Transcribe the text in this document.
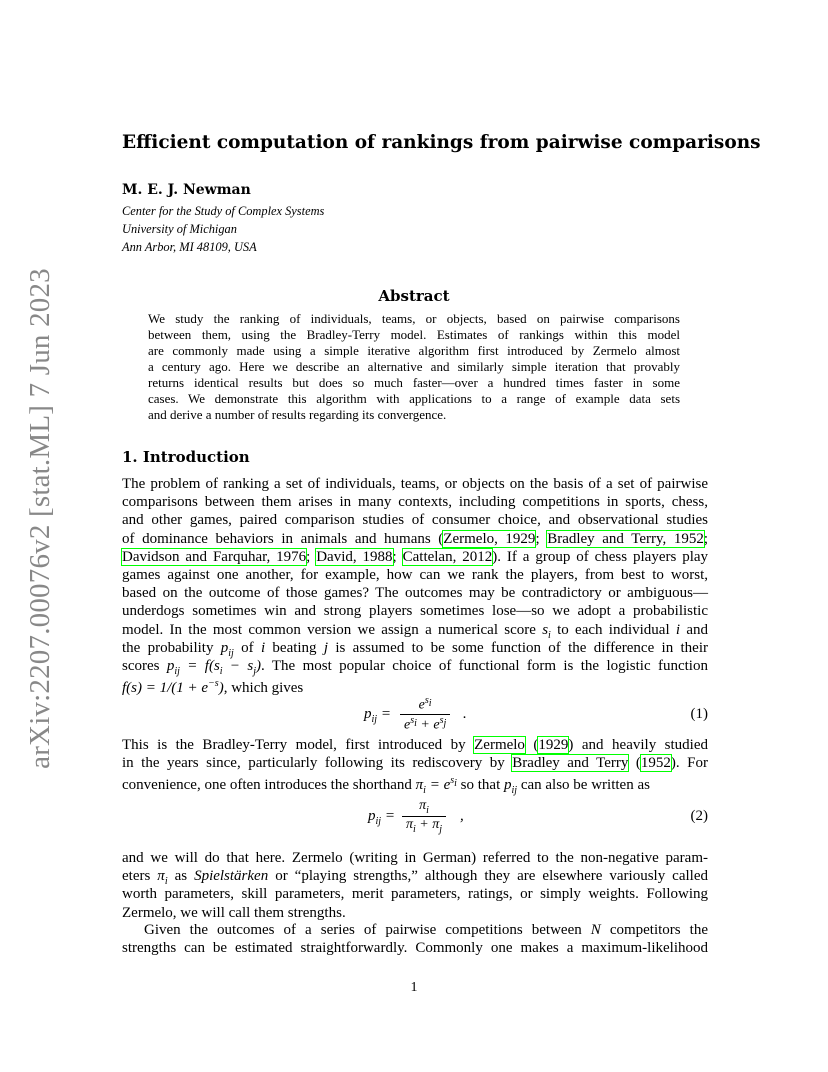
arXiv:2207.00076v2 [stat.ML] 7 Jun 2023
Efficient computation of rankings from pairwise comparisons
M. E. J. Newman
Center for the Study of Complex Systems
University of Michigan
Ann Arbor, MI 48109, USA
Abstract
We study the ranking of individuals, teams, or objects, based on pairwise comparisons
between them, using the Bradley-Terry model. Estimates of rankings within this model
are commonly made using a simple iterative algorithm first introduced by Zermelo almost
a century ago. Here we describe an alternative and similarly simple iteration that provably
returns identical results but does so much faster—over a hundred times faster in some
cases. We demonstrate this algorithm with applications to a range of example data sets
and derive a number of results regarding its convergence.
1. Introduction
The problem of ranking a set of individuals, teams, or objects on the basis of a set of pairwise
comparisons between them arises in many contexts, including competitions in sports, chess,
and other games, paired comparison studies of consumer choice, and observational studies
of dominance behaviors in animals and humans (Zermelo, 1929; Bradley and Terry, 1952;
Davidson and Farquhar, 1976; David, 1988; Cattelan, 2012). If a group of chess players play
games against one another, for example, how can we rank the players, from best to worst,
based on the outcome of those games? The outcomes may be contradictory or ambiguous—
underdogs sometimes win and strong players sometimes lose—so we adopt a probabilistic
model. In the most common version we assign a numerical score $s_i$ to each individual i and
the probability $p_{ij}$ of i beating j is assumed to be some function of the difference in their
scores $p_{ij} = f(s_i - s_j)$. The most popular choice of functional form is the logistic function
$f(s) = 1/(1 + e^{-s})$, which gives
$p_{ij}$ =
$e^{s_i}$
$e^{s_i} + e^{s_j}$
.	(1)
This is the Bradley-Terry model, first introduced by Zermelo (1929) and heavily studied
in the years since, particularly following its rediscovery by Bradley and Terry (1952). For
convenience, one often introduces the shorthand $\pi_i = e^{s_i}$ so that $p_{ij}$ can also be written as
$p_{ij}$ =
$\pi_i$
$\pi_i + \pi_j$
,	(2)
and we will do that here. Zermelo (writing in German) referred to the non-negative param-
eters $\pi_i$ as Spielstärken or “playing strengths,” although they are elsewhere variously called
worth parameters, skill parameters, merit parameters, ratings, or simply weights. Following
Zermelo, we will call them strengths.
Given the outcomes of a series of pairwise competitions between N competitors the
strengths can be estimated straightforwardly. Commonly one makes a maximum-likelihood
1
